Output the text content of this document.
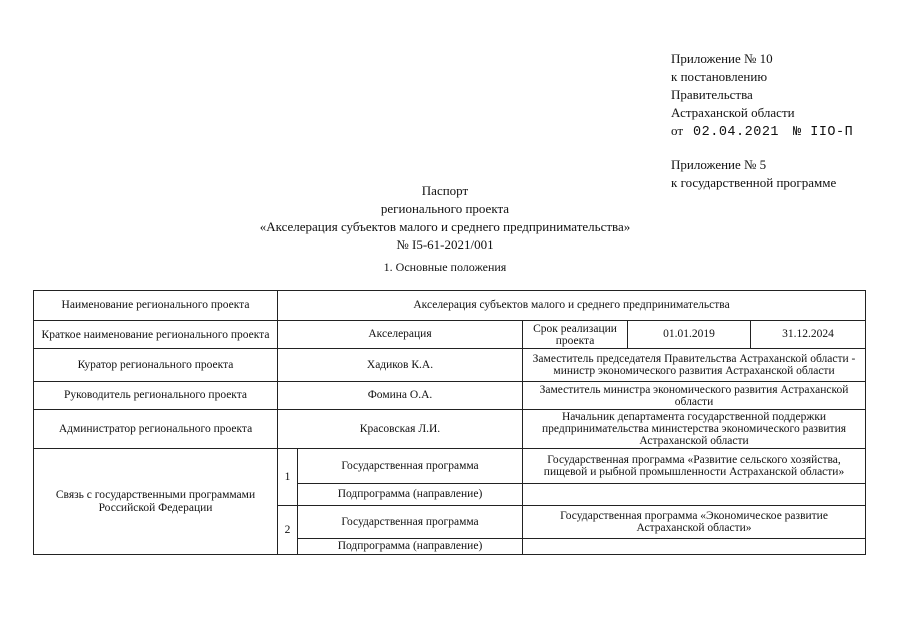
Приложение № 10
к постановлению
Правительства
Астраханской области
от 02.04.2021 № IIO-П
Приложение № 5
к государственной программе
Паспорт
регионального проекта
«Акселерация субъектов малого и среднего предпринимательства»
№ I5-61-2021/001
1. Основные положения
Наименование регионального проекта	Акселерация субъектов малого и среднего предпринимательства				
Краткое наименование регионального проекта	Акселерация		Срок реализации проекта	01.01.2019	31.12.2024
Куратор регионального проекта	Хадиков К.А.		Заместитель председателя Правительства Астраханской области - министр экономического развития Астраханской области		
Руководитель регионального проекта	Фомина О.А.		Заместитель министра экономического развития Астраханской области		
Администратор регионального проекта	Красовская Л.И.		Начальник департамента государственной поддержки предпринимательства министерства экономического развития Астраханской области		
Связь с государственными программами Российской Федерации	1	Государственная программа	Государственная программа «Развитие сельского хозяйства, пищевой и рыбной промышленности Астраханской области»		
		Подпрограмма (направление)			
	2	Государственная программа	Государственная программа «Экономическое развитие Астраханской области»		
		Подпрограмма (направление)			
